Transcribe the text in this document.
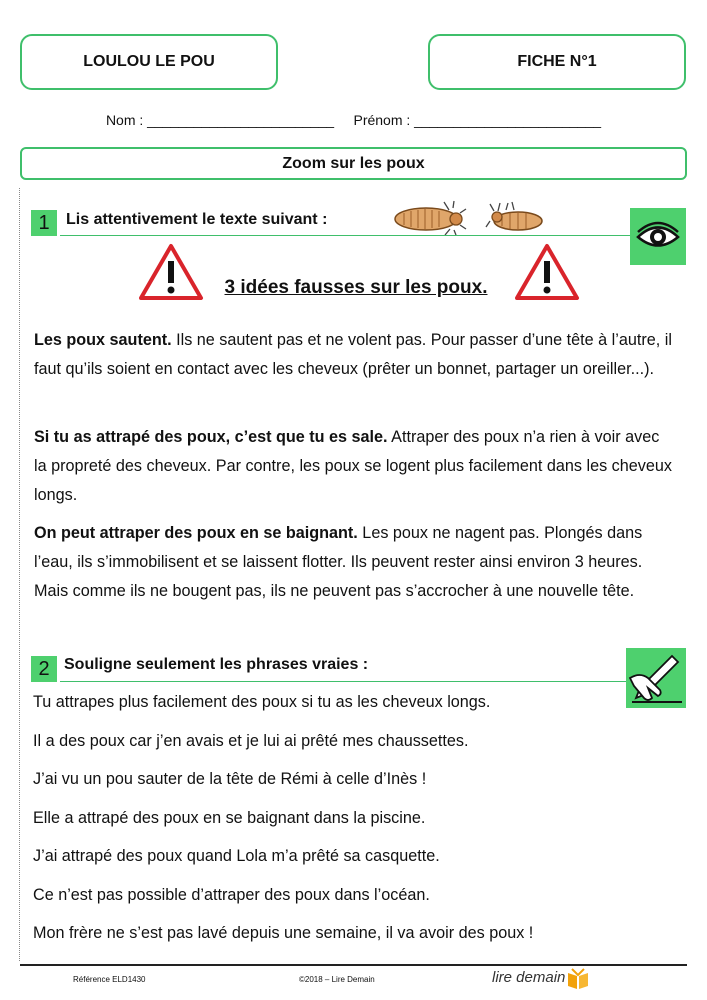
LOULOU LE POU	FICHE N°1
Nom : ________________________     Prénom : ________________________
Zoom sur les poux
1	Lis attentivement le texte suivant :
3 idées fausses sur les poux.
Les poux sautent. Ils ne sautent pas et ne volent pas. Pour passer d’une tête à l’autre, il faut qu’ils soient en contact avec les cheveux (prêter un bonnet, partager un oreiller...).
Si tu as attrapé des poux, c’est que tu es sale. Attraper des poux n’a rien à voir avec la propreté des cheveux. Par contre, les poux se logent plus facilement dans les cheveux longs.
On peut attraper des poux en se baignant. Les poux ne nagent pas. Plongés dans l’eau, ils s’immobilisent et se laissent flotter. Ils peuvent rester ainsi environ 3 heures. Mais comme ils ne bougent pas, ils ne peuvent pas s’accrocher à une nouvelle tête.
2 Souligne seulement les phrases vraies :
Tu attrapes plus facilement des poux si tu as les cheveux longs.
Il a des poux car j’en avais et je lui ai prêté mes chaussettes.
J’ai vu un pou sauter de la tête de Rémi à celle d’Inès !
Elle a attrapé des poux en se baignant dans la piscine.
J’ai attrapé des poux quand Lola m’a prêté sa casquette.
Ce n’est pas possible d’attraper des poux dans l’océan.
Mon frère ne s’est pas lavé depuis une semaine, il va avoir des poux !
Référence ELD1430	©2018 – Lire Demain	lire demain
